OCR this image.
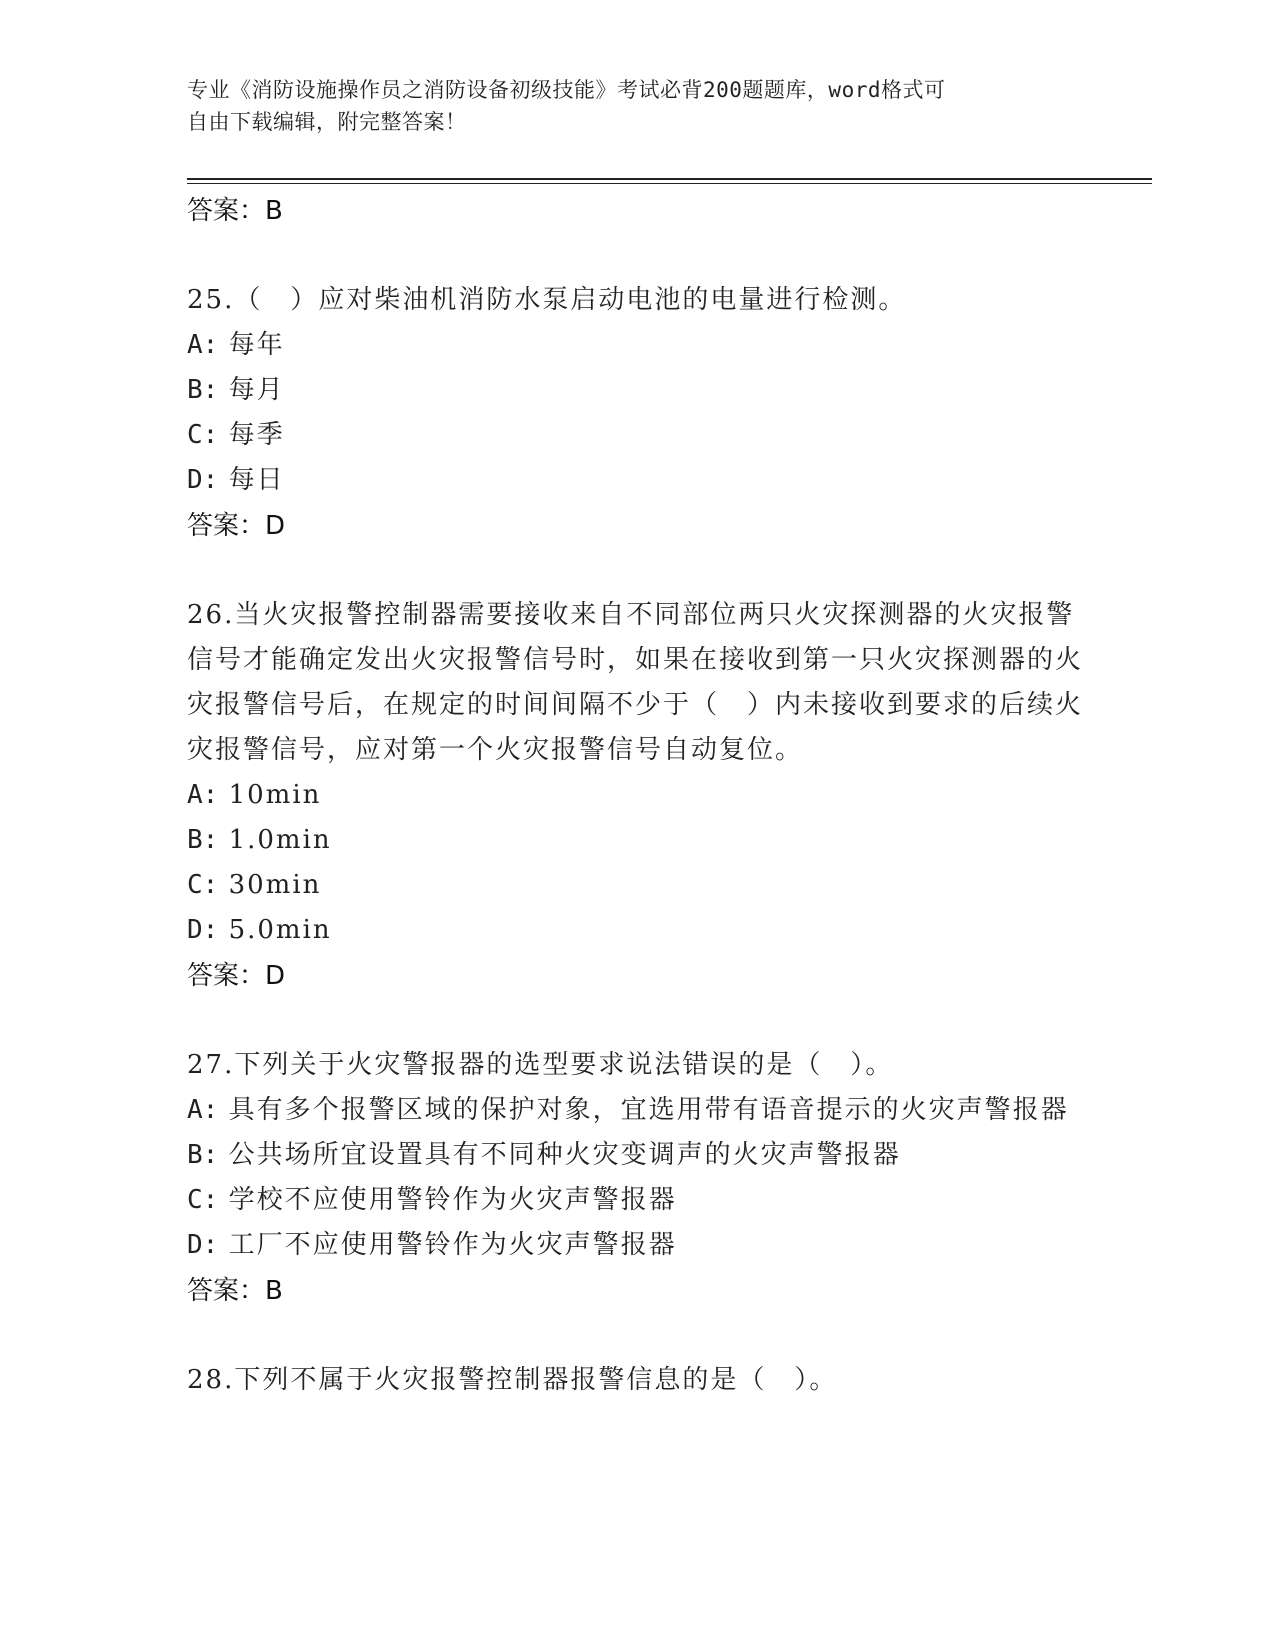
专业《消防设施操作员之消防设备初级技能》考试必背200题题库，word格式可
自由下载编辑，附完整答案！
答案：B
25.（　）应对柴油机消防水泵启动电池的电量进行检测。
A: 每年
B: 每月
C: 每季
D: 每日
答案：D
26.当火灾报警控制器需要接收来自不同部位两只火灾探测器的火灾报警信号才能确定发出火灾报警信号时，如果在接收到第一只火灾探测器的火灾报警信号后，在规定的时间间隔不少于（　）内未接收到要求的后续火灾报警信号，应对第一个火灾报警信号自动复位。
A: 10min
B: 1.0min
C: 30min
D: 5.0min
答案：D
27.下列关于火灾警报器的选型要求说法错误的是（　）。
A: 具有多个报警区域的保护对象，宜选用带有语音提示的火灾声警报器
B: 公共场所宜设置具有不同种火灾变调声的火灾声警报器
C: 学校不应使用警铃作为火灾声警报器
D: 工厂不应使用警铃作为火灾声警报器
答案：B
28.下列不属于火灾报警控制器报警信息的是（　）。
